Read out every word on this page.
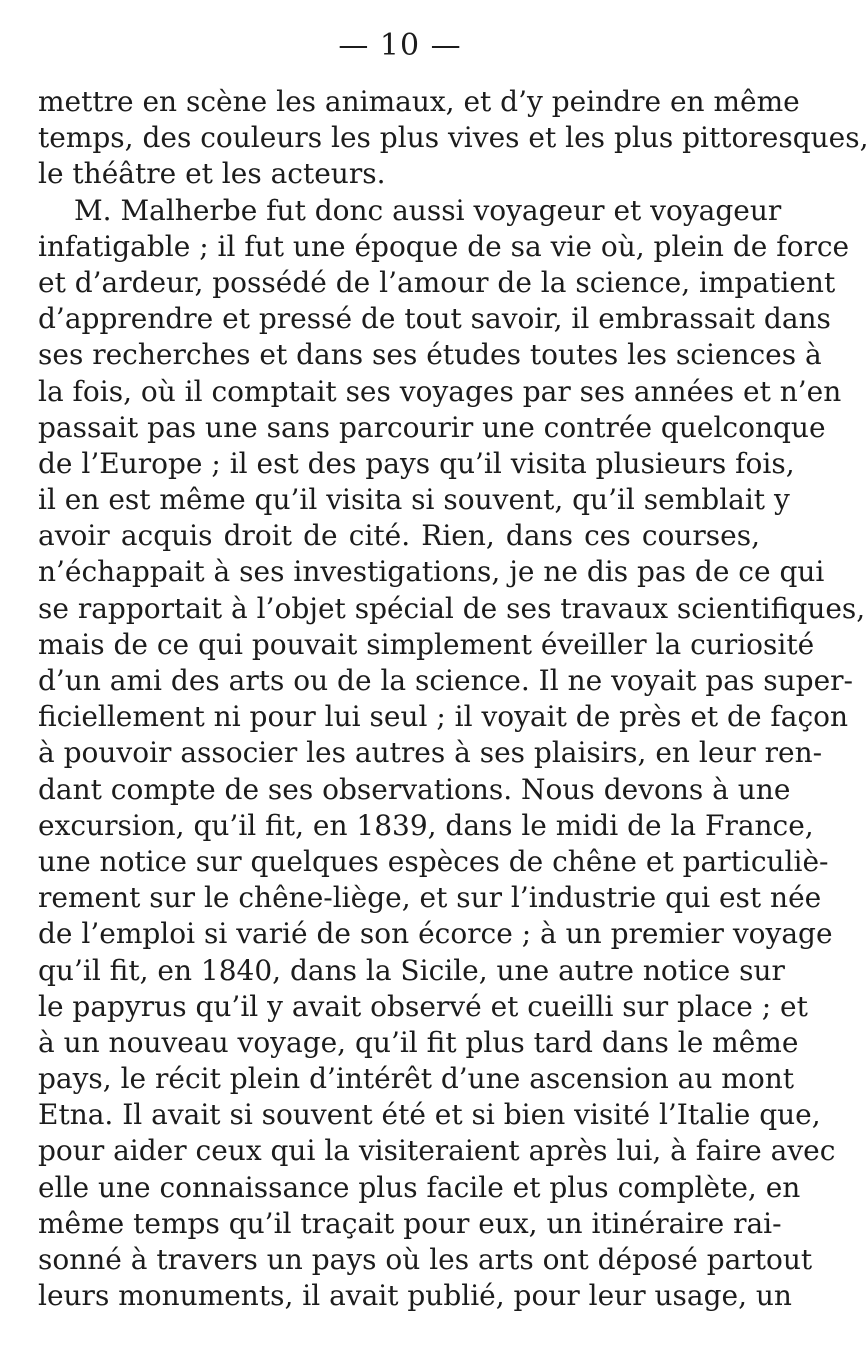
— 10 —
mettre en scène les animaux, et d’y peindre en même
temps, des couleurs les plus vives et les plus pittoresques,
le théâtre et les acteurs.
M. Malherbe fut donc aussi voyageur et voyageur
infatigable ; il fut une époque de sa vie où, plein de force
et d’ardeur, possédé de l’amour de la science, impatient
d’apprendre et pressé de tout savoir, il embrassait dans
ses recherches et dans ses études toutes les sciences à
la fois, où il comptait ses voyages par ses années et n’en
passait pas une sans parcourir une contrée quelconque
de l’Europe ; il est des pays qu’il visita plusieurs fois,
il en est même qu’il visita si souvent, qu’il semblait y
avoir acquis droit de cité. Rien, dans ces courses,
n’échappait à ses investigations, je ne dis pas de ce qui
se rapportait à l’objet spécial de ses travaux scientifiques,
mais de ce qui pouvait simplement éveiller la curiosité
d’un ami des arts ou de la science. Il ne voyait pas super-
ficiellement ni pour lui seul ; il voyait de près et de façon
à pouvoir associer les autres à ses plaisirs, en leur ren-
dant compte de ses observations. Nous devons à une
excursion, qu’il fit, en 1839, dans le midi de la France,
une notice sur quelques espèces de chêne et particuliè-
rement sur le chêne-liège, et sur l’industrie qui est née
de l’emploi si varié de son écorce ; à un premier voyage
qu’il fit, en 1840, dans la Sicile, une autre notice sur
le papyrus qu’il y avait observé et cueilli sur place ; et
à un nouveau voyage, qu’il fit plus tard dans le même
pays, le récit plein d’intérêt d’une ascension au mont
Etna. Il avait si souvent été et si bien visité l’Italie que,
pour aider ceux qui la visiteraient après lui, à faire avec
elle une connaissance plus facile et plus complète, en
même temps qu’il traçait pour eux, un itinéraire rai-
sonné à travers un pays où les arts ont déposé partout
leurs monuments, il avait publié, pour leur usage, un
